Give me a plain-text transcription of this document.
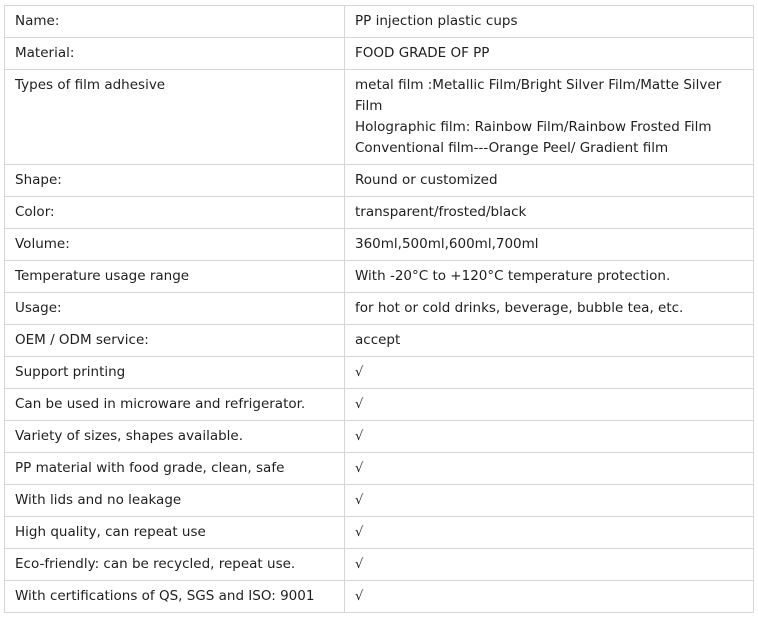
Name:	PP injection plastic cups
Material:	FOOD GRADE OF PP
Types of film adhesive	metal film :Metallic Film/Bright Silver Film/Matte Silver
Film
Holographic film: Rainbow Film/Rainbow Frosted Film
Conventional film---Orange Peel/ Gradient film

Shape:	Round or customized
Color:	transparent/frosted/black
Volume:	360ml,500ml,600ml,700ml
Temperature usage range	With -20°C to +120°C temperature protection.
Usage:	for hot or cold drinks, beverage, bubble tea, etc.
OEM / ODM service:	accept
Support printing	√
Can be used in microware and refrigerator.	√
Variety of sizes, shapes available.	√
PP material with food grade, clean, safe	√
With lids and no leakage	√
High quality, can repeat use	√
Eco-friendly: can be recycled, repeat use.	√
With certifications of QS, SGS and ISO: 9001	√
